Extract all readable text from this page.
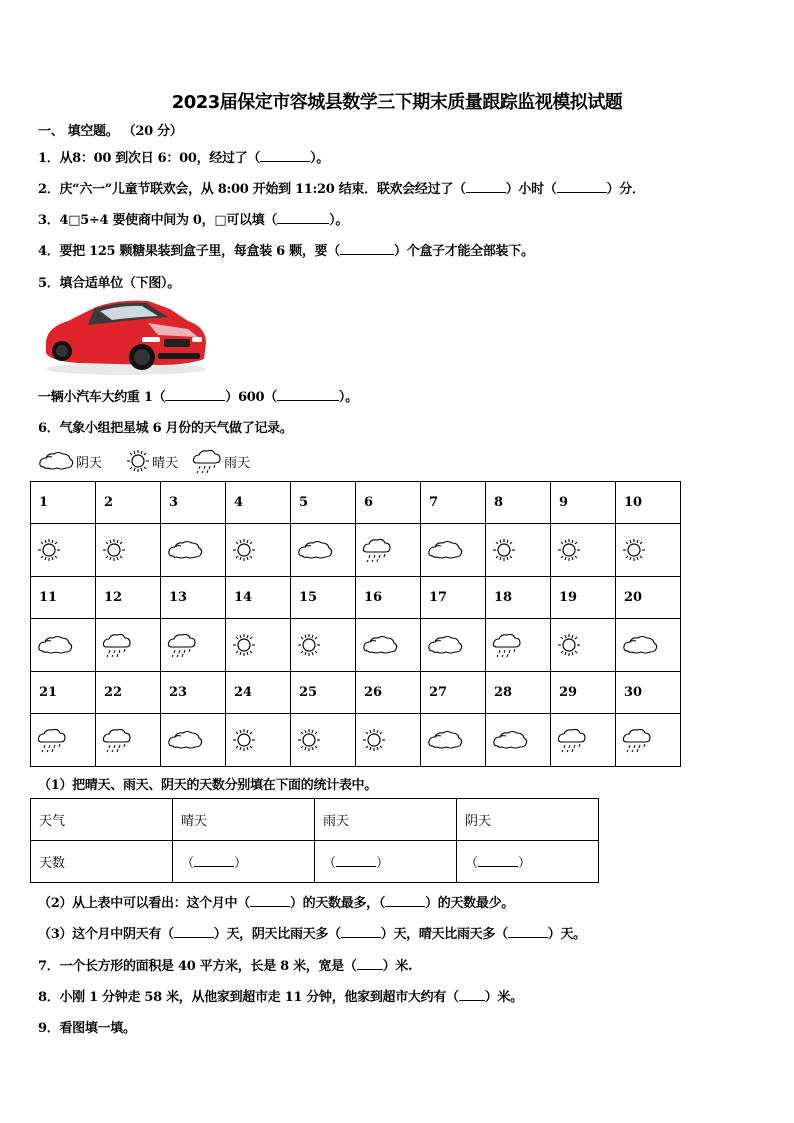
2023届保定市容城县数学三下期末质量跟踪监视模拟试题
一、 填空题。 （20 分）
1．从8：00 到次日 6：00，经过了（	）。
2．庆“六一”儿童节联欢会，从 8:00 开始到 11:20 结束．联欢会经过了（	）小时（	）分．
3．4□5÷4 要使商中间为 0，□可以填（	）。
4．要把 125 颗糖果装到盒子里，每盒装 6 颗，要（	）个盒子才能全部装下。
5．填合适单位（下图）。
一辆小汽车大约重 1（	）600（	）。
6．气象小组把星城 6 月份的天气做了记录。
阴天	晴天	雨天
1	2	3	4	5	6	7	8	9	10

11	12	13	14	15	16	17	18	19	20

21	22	23	24	25	26	27	28	29	30

（1）把晴天、雨天、阴天的天数分别填在下面的统计表中。
天气	晴天	雨天	阴天
天数	（ ）	（ ）	（ ）
（2）从上表中可以看出：这个月中（	）的天数最多，（	）的天数最少。
（3）这个月中阴天有（	）天，阴天比雨天多（	）天，晴天比雨天多（	）天。
7．一个长方形的面积是 40 平方米，长是 8 米，宽是（ ）米.
8．小刚 1 分钟走 58 米，从他家到超市走 11 分钟，他家到超市大约有（ ）米。
9．看图填一填。
